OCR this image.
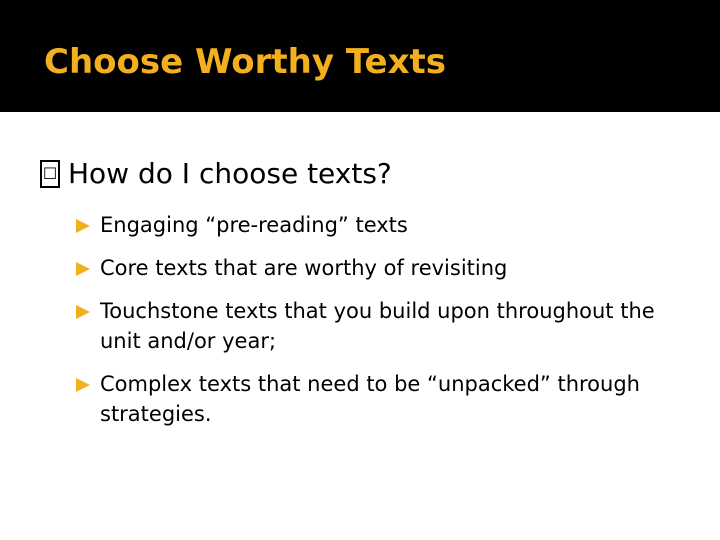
Choose Worthy Texts
☐ How do I choose texts?
Engaging “pre-reading” texts
Core texts that are worthy of revisiting
Touchstone texts that you build upon throughout the unit and/or year;
Complex texts that need to be “unpacked” through strategies.
